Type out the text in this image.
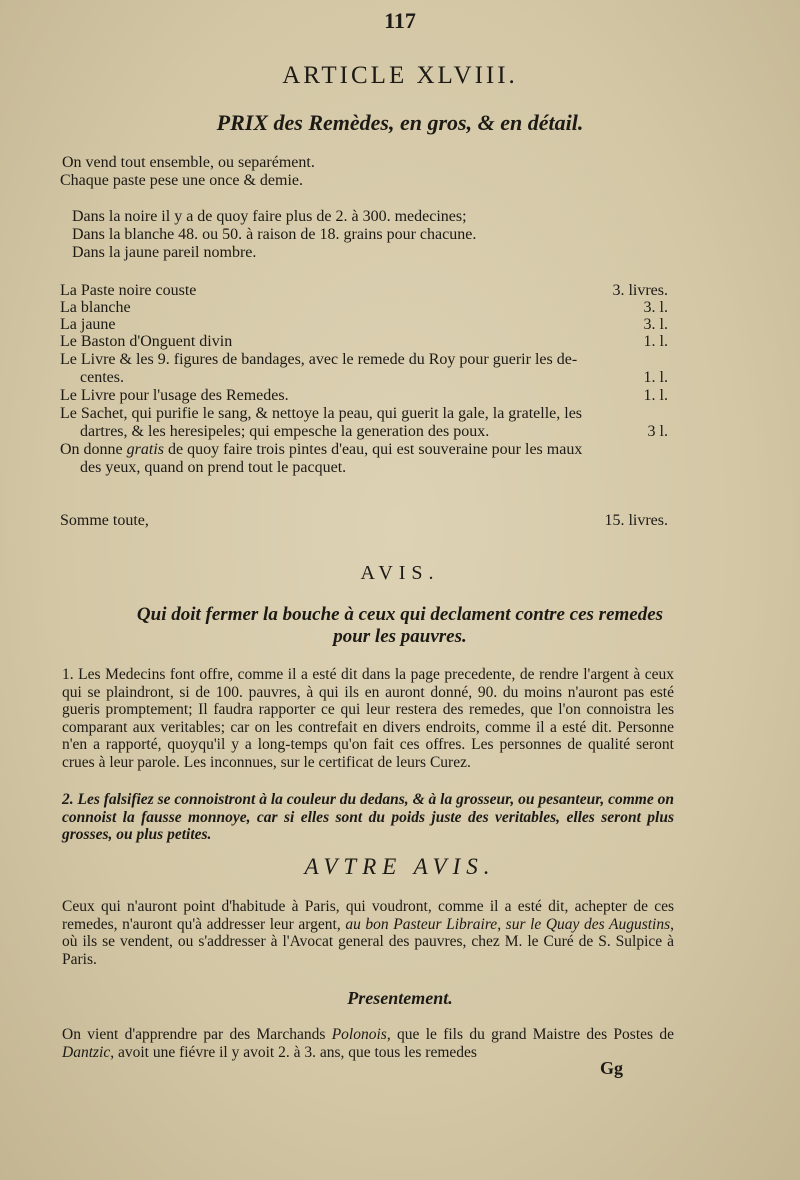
117
ARTICLE XLVIII.
PRIX des Remèdes, en gros, & en détail.
On vend tout ensemble, ou separément.
Chaque paste pese une once & demie.
Dans la noire il y a de quoy faire plus de 2. à 300. medecines;
Dans la blanche 48. ou 50. à raison de 18. grains pour chacune.
Dans la jaune pareil nombre.
La Paste noire couste	3. livres.
La blanche	3. l.
La jaune	3. l.
Le Baston d'Onguent divin	1. l.
Le Livre & les 9. figures de bandages, avec le remede du Roy pour guerir les de-
centes.	1. l.
Le Livre pour l'usage des Remedes.	1. l.
Le Sachet, qui purifie le sang, & nettoye la peau, qui guerit la gale, la gratelle, les
dartres, & les heresipeles; qui empesche la generation des poux.	3 l.
On donne gratis de quoy faire trois pintes d'eau, qui est souveraine pour les maux
des yeux, quand on prend tout le pacquet.
Somme toute,	15. livres.
AVIS.
Qui doit fermer la bouche à ceux qui declament contre ces remedes
pour les pauvres.
1. Les Medecins font offre, comme il a esté dit dans la page precedente, de rendre l'argent à ceux qui se plaindront, si de 100. pauvres, à qui ils en auront donné, 90. du moins n'auront pas esté gueris promptement; Il faudra rapporter ce qui leur restera des remedes, que l'on connoistra les comparant aux veritables; car on les contrefait en divers endroits, comme il a esté dit. Personne n'en a rapporté, quoyqu'il y a long-temps qu'on fait ces offres. Les personnes de qualité seront crues à leur parole. Les inconnues, sur le certificat de leurs Curez.
2. Les falsifiez se connoistront à la couleur du dedans, & à la grosseur, ou pesanteur, comme on connoist la fausse monnoye, car si elles sont du poids juste des veritables, elles seront plus grosses, ou plus petites.
AVTRE AVIS.
Ceux qui n'auront point d'habitude à Paris, qui voudront, comme il a esté dit, achepter de ces remedes, n'auront qu'à addresser leur argent, au bon Pasteur Libraire, sur le Quay des Augustins, où ils se vendent, ou s'addresser à l'Avocat general des pauvres, chez M. le Curé de S. Sulpice à Paris.
Presentement.
On vient d'apprendre par des Marchands Polonois, que le fils du grand Maistre des Postes de Dantzic, avoit une fiévre il y avoit 2. à 3. ans, que tous les remedes
Gg
